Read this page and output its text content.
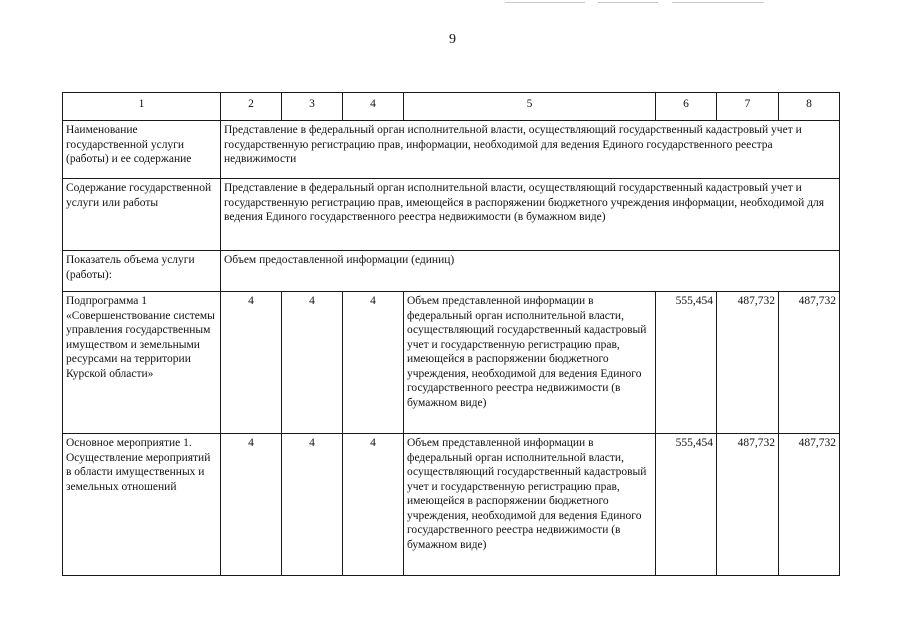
9
1	2	3	4	5	6	7	8
Наименование государственной услуги (работы) и ее содержание	Представление в федеральный орган исполнительной власти, осуществляющий государственный кадастровый учет и государственную регистрацию прав, информации, необходимой для ведения Единого государственного реестра недвижимости						
Содержание государственной услуги или работы	Представление в федеральный орган исполнительной власти, осуществляющий государственный кадастровый учет и государственную регистрацию прав, имеющейся в распоряжении бюджетного учреждения информации, необходимой для ведения Единого государственного реестра недвижимости (в бумажном виде)						
Показатель объема услуги (работы):	Объем предоставленной информации (единиц)						
Подпрограмма 1 «Совершенствование системы управления государственным имуществом и земельными ресурсами на территории Курской области»	4	4	4	Объем представленной информации в федеральный орган исполнительной власти, осуществляющий государственный кадастровый учет и государственную регистрацию прав, имеющейся в распоряжении бюджетного учреждения, необходимой для ведения Единого государственного реестра недвижимости (в бумажном виде)	555,454	487,732	487,732
Основное мероприятие 1. Осуществление мероприятий в области имущественных и земельных отношений	4	4	4	Объем представленной информации в федеральный орган исполнительной власти, осуществляющий государственный кадастровый учет и государственную регистрацию прав, имеющейся в распоряжении бюджетного учреждения, необходимой для ведения Единого государственного реестра недвижимости (в бумажном виде)	555,454	487,732	487,732
